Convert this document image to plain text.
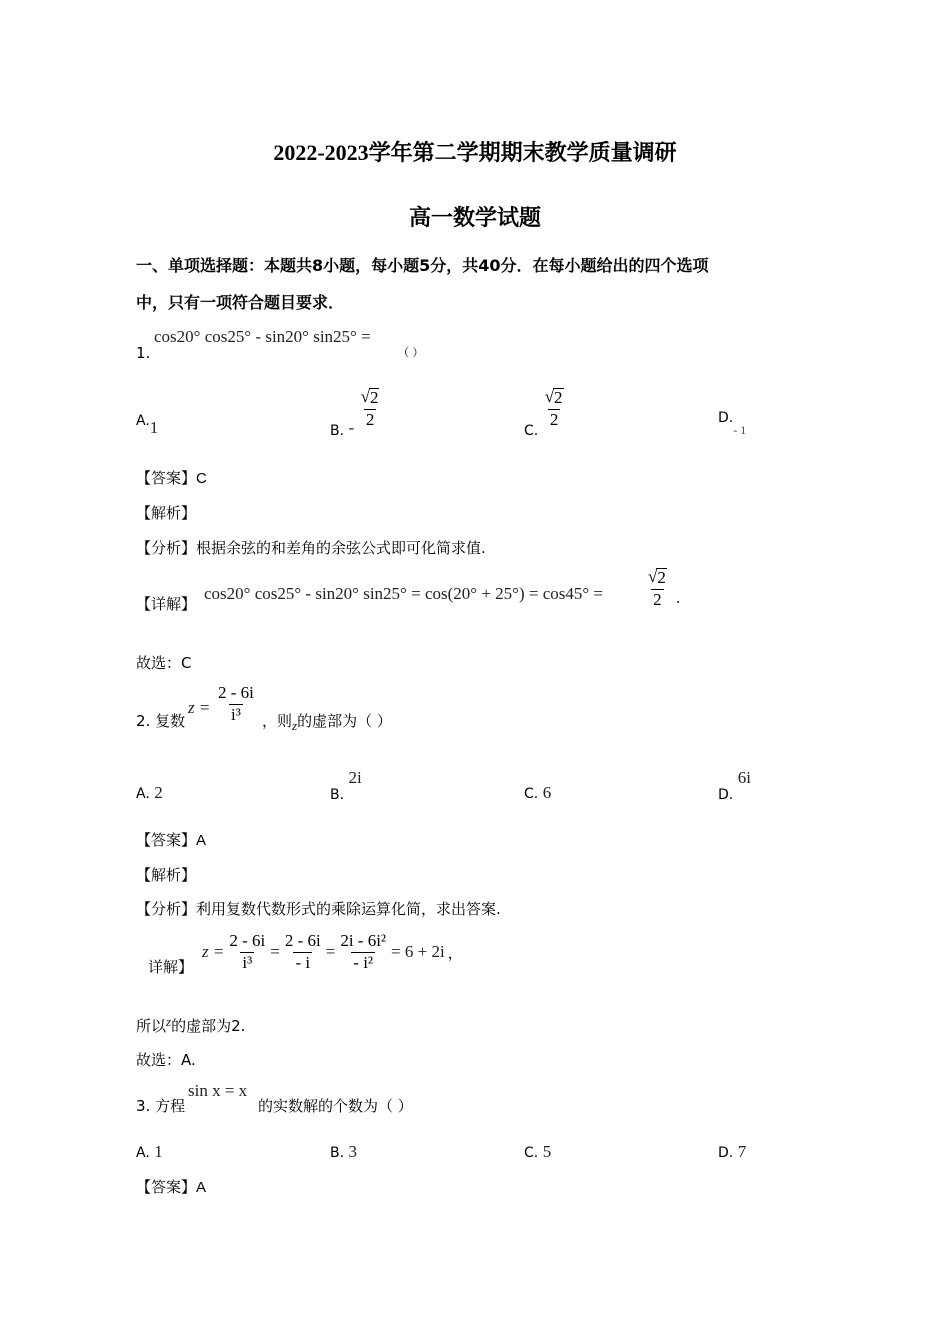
2022-2023学年第二学期期末教学质量调研
高一数学试题
一、单项选择题：本题共8小题，每小题5分，共40分．在每小题给出的四个选项
中，只有一项符合题目要求．
1.
cos20° cos25° - sin20° sin25° =
（ ）
A.1	B. - $\frac{√ 2}{2}$
C.
$\frac{√ 2}{2}$	D.- 1
【答案】C
【解析】
【分析】根据余弦的和差角的余弦公式即可化简求值.
【详解】
cos20° cos25° - sin20° sin25° = cos(20° + 25°) = cos45° =	$\frac{√ 2}{2}$ .
故选：C
2. 复数
$z = \frac{2 - 6i}{\text{i³}}$ ，则z的虚部为（ ）
A. 2	B. 2i
C. 6	D. 6i
【答案】A
【解析】
【分析】利用复数代数形式的乘除运算化简，求出答案.
详解】
$z = \frac{2 - 6i}{\text{i³}} = \frac{2 - 6i}{- i} = \frac{\text{2i - 6i²}}{\text{- i²}} = 6 + 2i$ ，
所以z的虚部为2.
故选：A.
3. 方程
sin x = x
的实数解的个数为（ ）
A. 1	B. 3	C. 5	D. 7
【答案】A
